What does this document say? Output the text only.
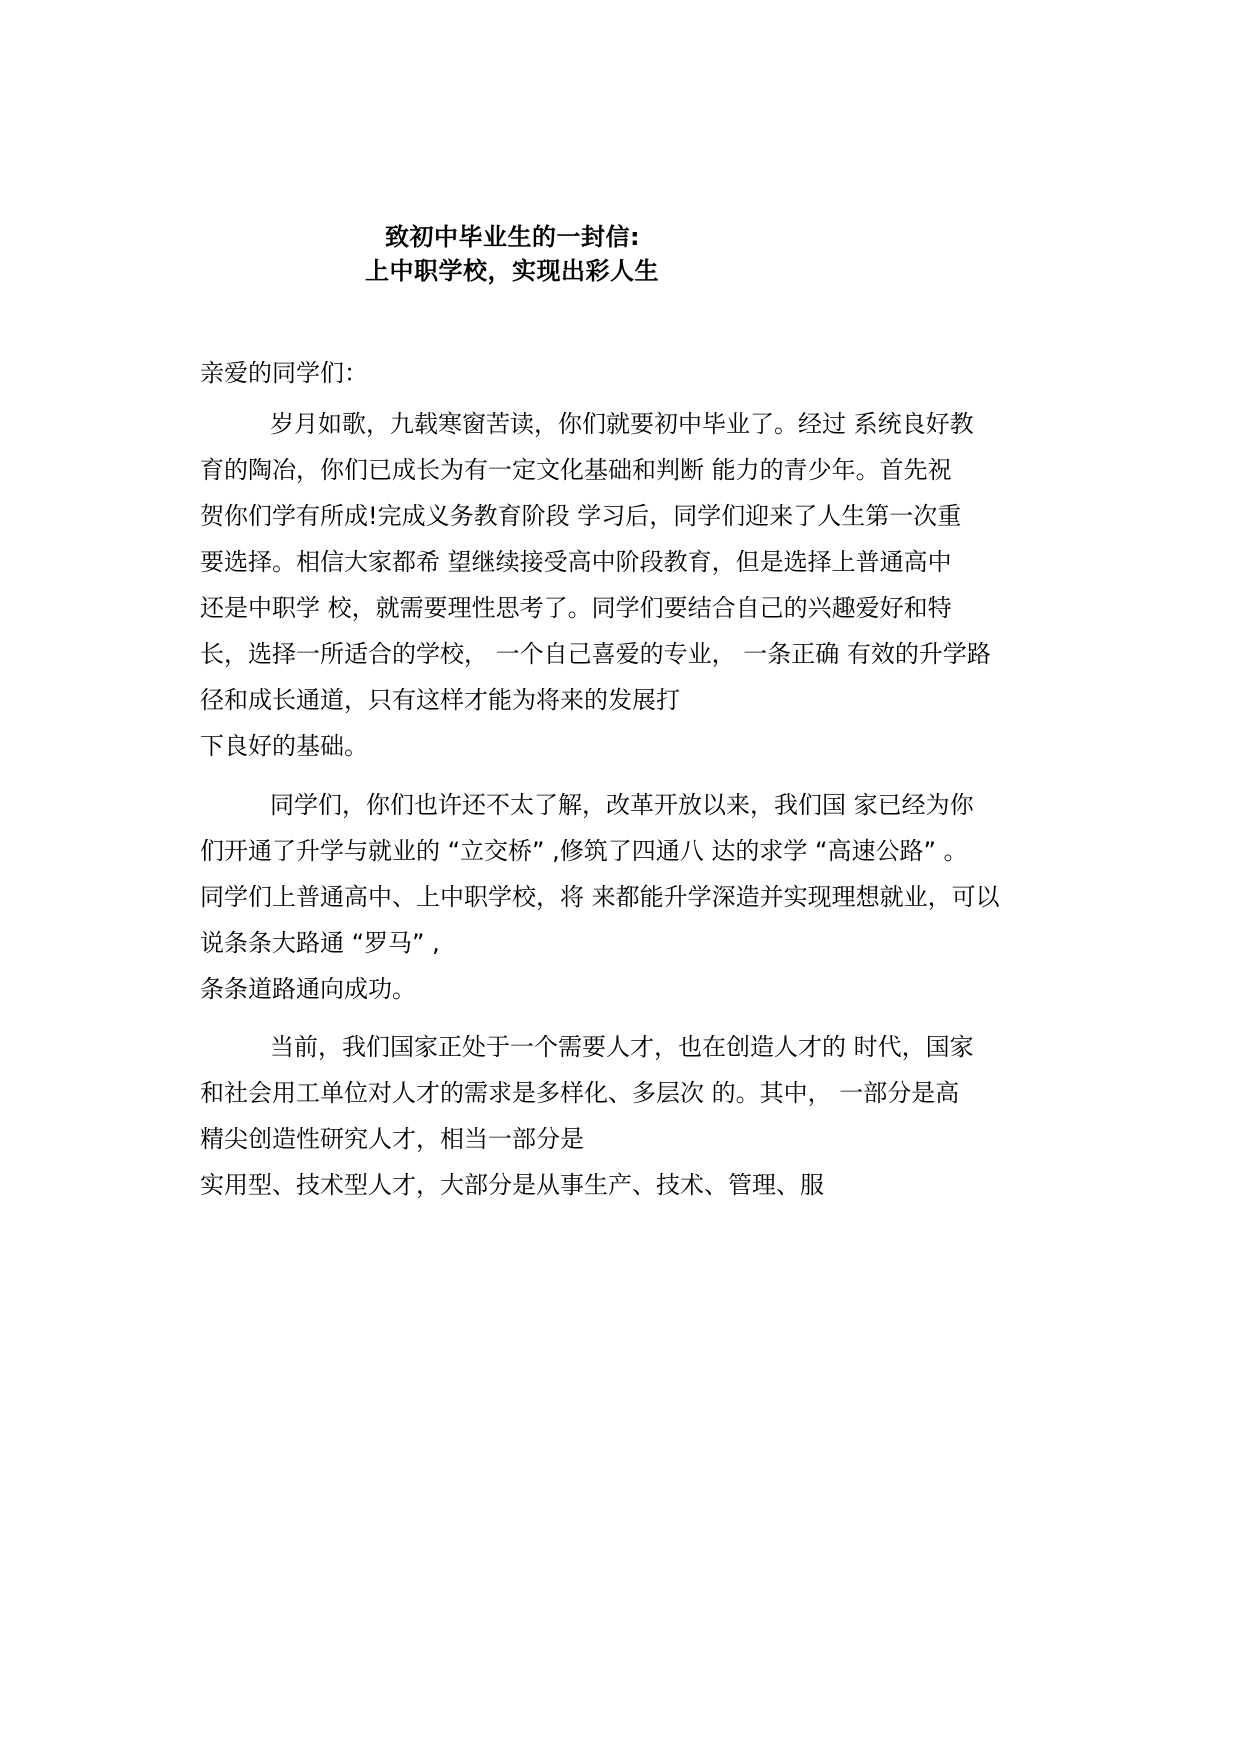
致初中毕业生的一封信:
上中职学校，实现出彩人生
亲爱的同学们：
岁月如歌，九载寒窗苦读，你们就要初中毕业了。经过 系统良好教
育的陶冶，你们已成长为有一定文化基础和判断 能力的青少年。首先祝
贺你们学有所成!完成义务教育阶段 学习后，同学们迎来了人生第一次重
要选择。相信大家都希 望继续接受高中阶段教育，但是选择上普通高中
还是中职学 校，就需要理性思考了。同学们要结合自己的兴趣爱好和特
长，选择一所适合的学校， 一个自己喜爱的专业， 一条正确 有效的升学路
径和成长通道，只有这样才能为将来的发展打
下良好的基础。
同学们，你们也许还不太了解，改革开放以来，我们国 家已经为你
们开通了升学与就业的 “立交桥” ,修筑了四通八 达的求学 “高速公路” 。
同学们上普通高中、上中职学校，将 来都能升学深造并实现理想就业，可以
说条条大路通 “罗马” ,
条条道路通向成功。
当前，我们国家正处于一个需要人才，也在创造人才的 时代，国家
和社会用工单位对人才的需求是多样化、多层次 的。其中， 一部分是高
精尖创造性研究人才，相当一部分是
实用型、技术型人才，大部分是从事生产、技术、管理、服
